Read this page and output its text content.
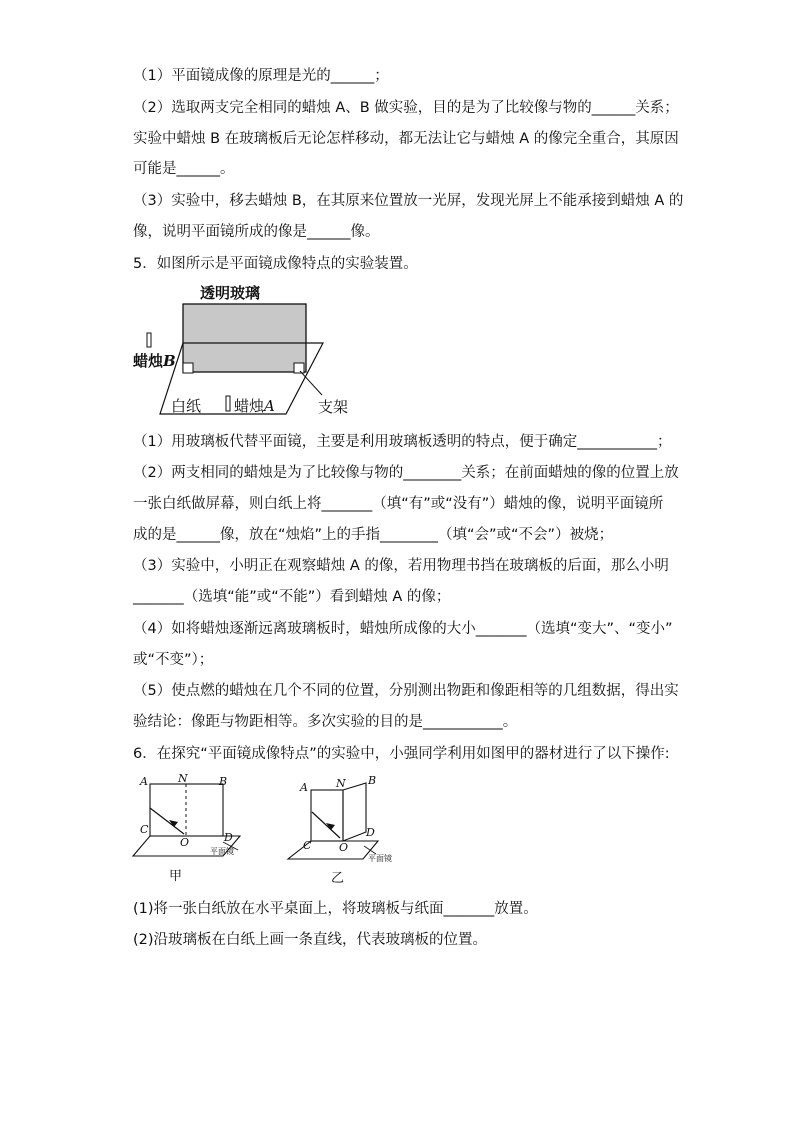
（1）平面镜成像的原理是光的______；
（2）选取两支完全相同的蜡烛 A、B 做实验，目的是为了比较像与物的______关系；
实验中蜡烛 B 在玻璃板后无论怎样移动，都无法让它与蜡烛 A 的像完全重合，其原因
可能是______。
（3）实验中，移去蜡烛 B，在其原来位置放一光屏，发现光屏上不能承接到蜡烛 A 的
像，说明平面镜所成的像是______像。
5．如图所示是平面镜成像特点的实验装置。
透明玻璃
蜡烛 B
白纸 蜡烛 A	支架
（1）用玻璃板代替平面镜，主要是利用玻璃板透明的特点，便于确定___________；
（2）两支相同的蜡烛是为了比较像与物的________关系；在前面蜡烛的像的位置上放
一张白纸做屏幕，则白纸上将_______（填“有”或“没有”）蜡烛的像，说明平面镜所
成的是______像，放在“烛焰”上的手指________（填“会”或“不会”）被烧；
（3）实验中，小明正在观察蜡烛 A 的像，若用物理书挡在玻璃板的后面，那么小明
_______（选填“能”或“不能”）看到蜡烛 A 的像；
（4）如将蜡烛逐渐远离玻璃板时，蜡烛所成像的大小_______（选填“变大”、“变小”
或“不变”）；
（5）使点燃的蜡烛在几个不同的位置，分别测出物距和像距相等的几组数据，得出实
验结论：像距与物距相等。多次实验的目的是___________。
6．在探究“平面镜成像特点”的实验中，小强同学利用如图甲的器材进行了以下操作:
A	N	B
C
O	D
平面镜
甲
A	N B
C	O
D
平面镜
乙
(1)将一张白纸放在水平桌面上，将玻璃板与纸面_______放置。
(2)沿玻璃板在白纸上画一条直线，代表玻璃板的位置。
